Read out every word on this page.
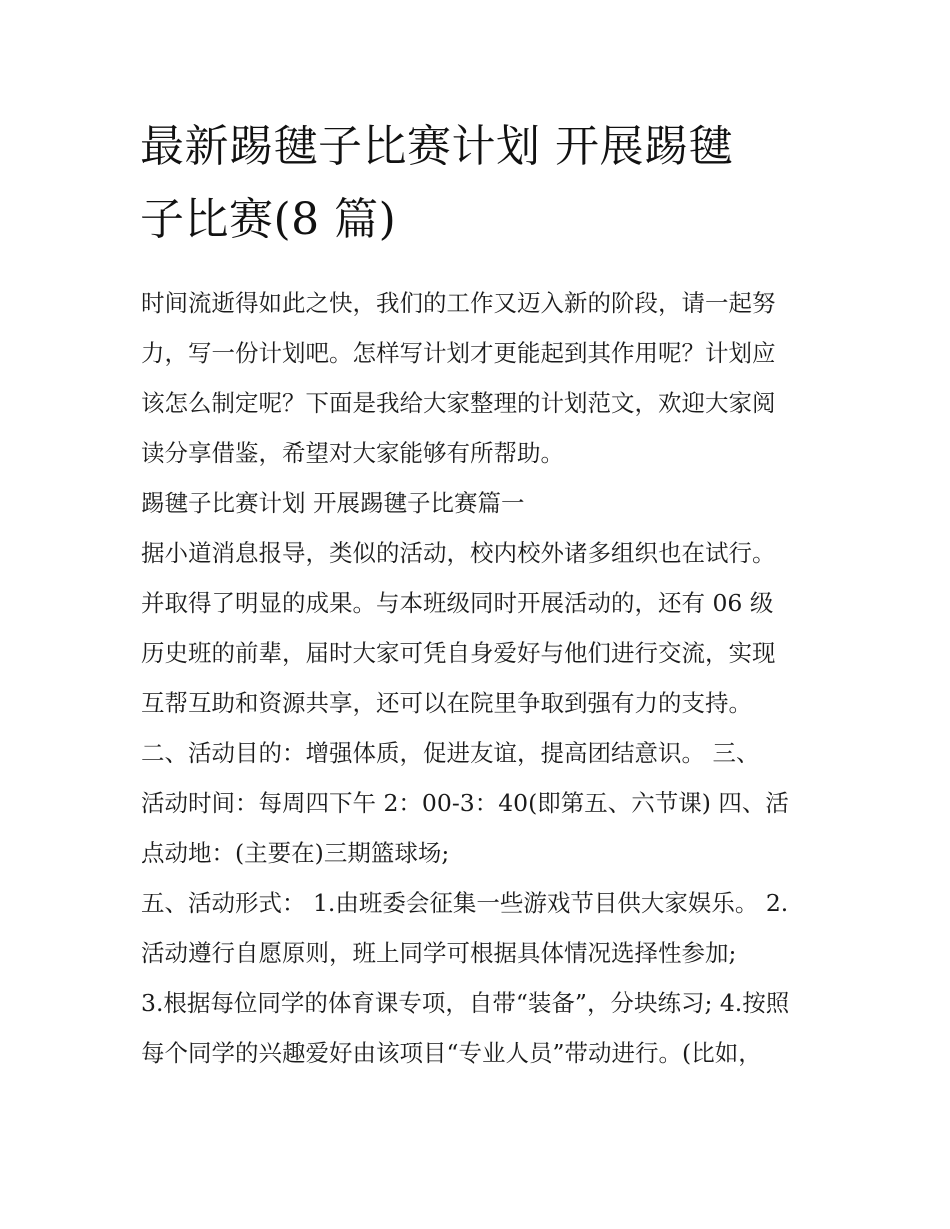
最新踢毽子比赛计划 开展踢毽
子比赛(8 篇)

时间流逝得如此之快，我们的工作又迈入新的阶段，请一起努

力，写一份计划吧。怎样写计划才更能起到其作用呢？计划应

该怎么制定呢？下面是我给大家整理的计划范文，欢迎大家阅

读分享借鉴，希望对大家能够有所帮助。

踢毽子比赛计划 开展踢毽子比赛篇一

据小道消息报导，类似的活动，校内校外诸多组织也在试行。

并取得了明显的成果。与本班级同时开展活动的，还有 06 级

历史班的前辈，届时大家可凭自身爱好与他们进行交流，实现

互帮互助和资源共享，还可以在院里争取到强有力的支持。

二、活动目的：增强体质，促进友谊，提高团结意识。 三、

活动时间：每周四下午 2：00-3：40(即第五、六节课) 四、活

点动地：(主要在)三期篮球场;

五、活动形式： 1.由班委会征集一些游戏节目供大家娱乐。 2.

活动遵行自愿原则，班上同学可根据具体情况选择性参加;

3.根据每位同学的体育课专项，自带“装备”，分块练习; 4.按照

每个同学的兴趣爱好由该项目“专业人员”带动进行。(比如，
